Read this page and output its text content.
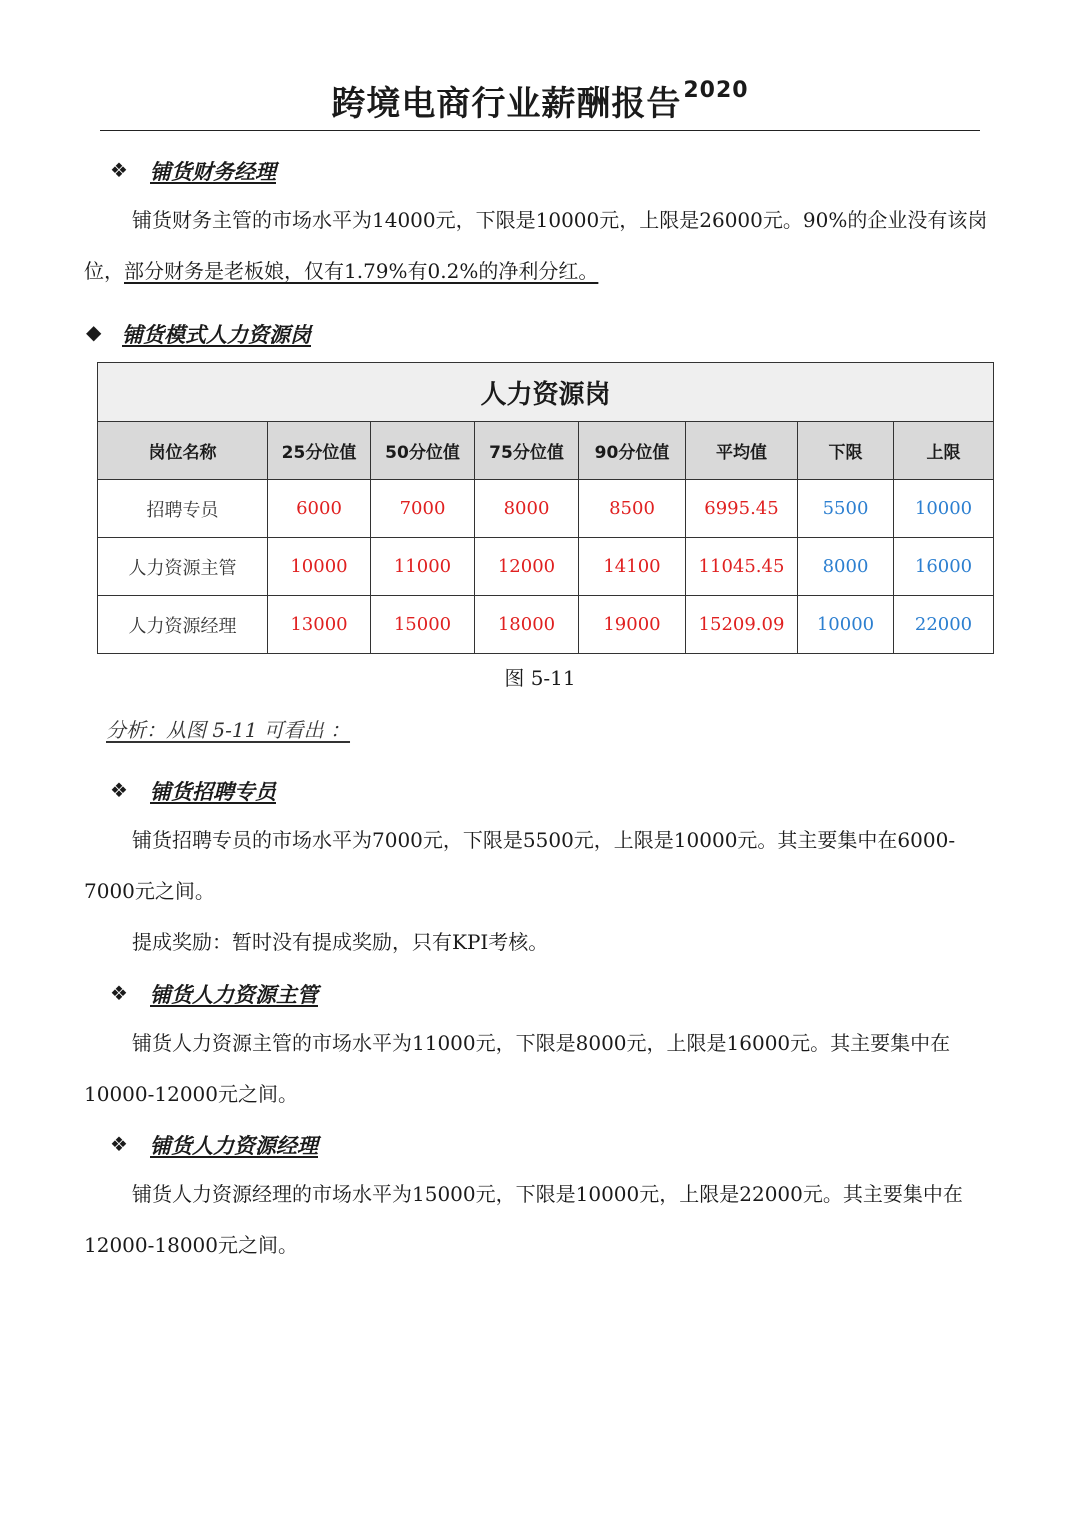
跨境电商行业薪酬报告$^{2020}$
❖ 铺货财务经理

铺货财务主管的市场水平为14000元，下限是10000元，上限是26000元。90%的企业没有该岗位，部分财务是老板娘，仅有1.79%有0.2%的净利分红。

◆ 铺货模式人力资源岗
人力资源岗							
岗位名称	25分位值	50分位值	75分位值	90分位值	平均值	下限	上限
招聘专员	6000	7000	8000	8500	6995.45	5500	10000
人力资源主管	10000	11000	12000	14100	11045.45	8000	16000
人力资源经理	13000	15000	18000	19000	15209.09	10000	22000
图 5-11
分析：从图 5-11 可看出 ：
❖ 铺货招聘专员

铺货招聘专员的市场水平为7000元，下限是5500元，上限是10000元。其主要集中在6000-7000元之间。

提成奖励：暂时没有提成奖励，只有KPI考核。

❖ 铺货人力资源主管

铺货人力资源主管的市场水平为11000元，下限是8000元，上限是16000元。其主要集中在10000-12000元之间。

❖ 铺货人力资源经理

铺货人力资源经理的市场水平为15000元，下限是10000元，上限是22000元。其主要集中在12000-18000元之间。
